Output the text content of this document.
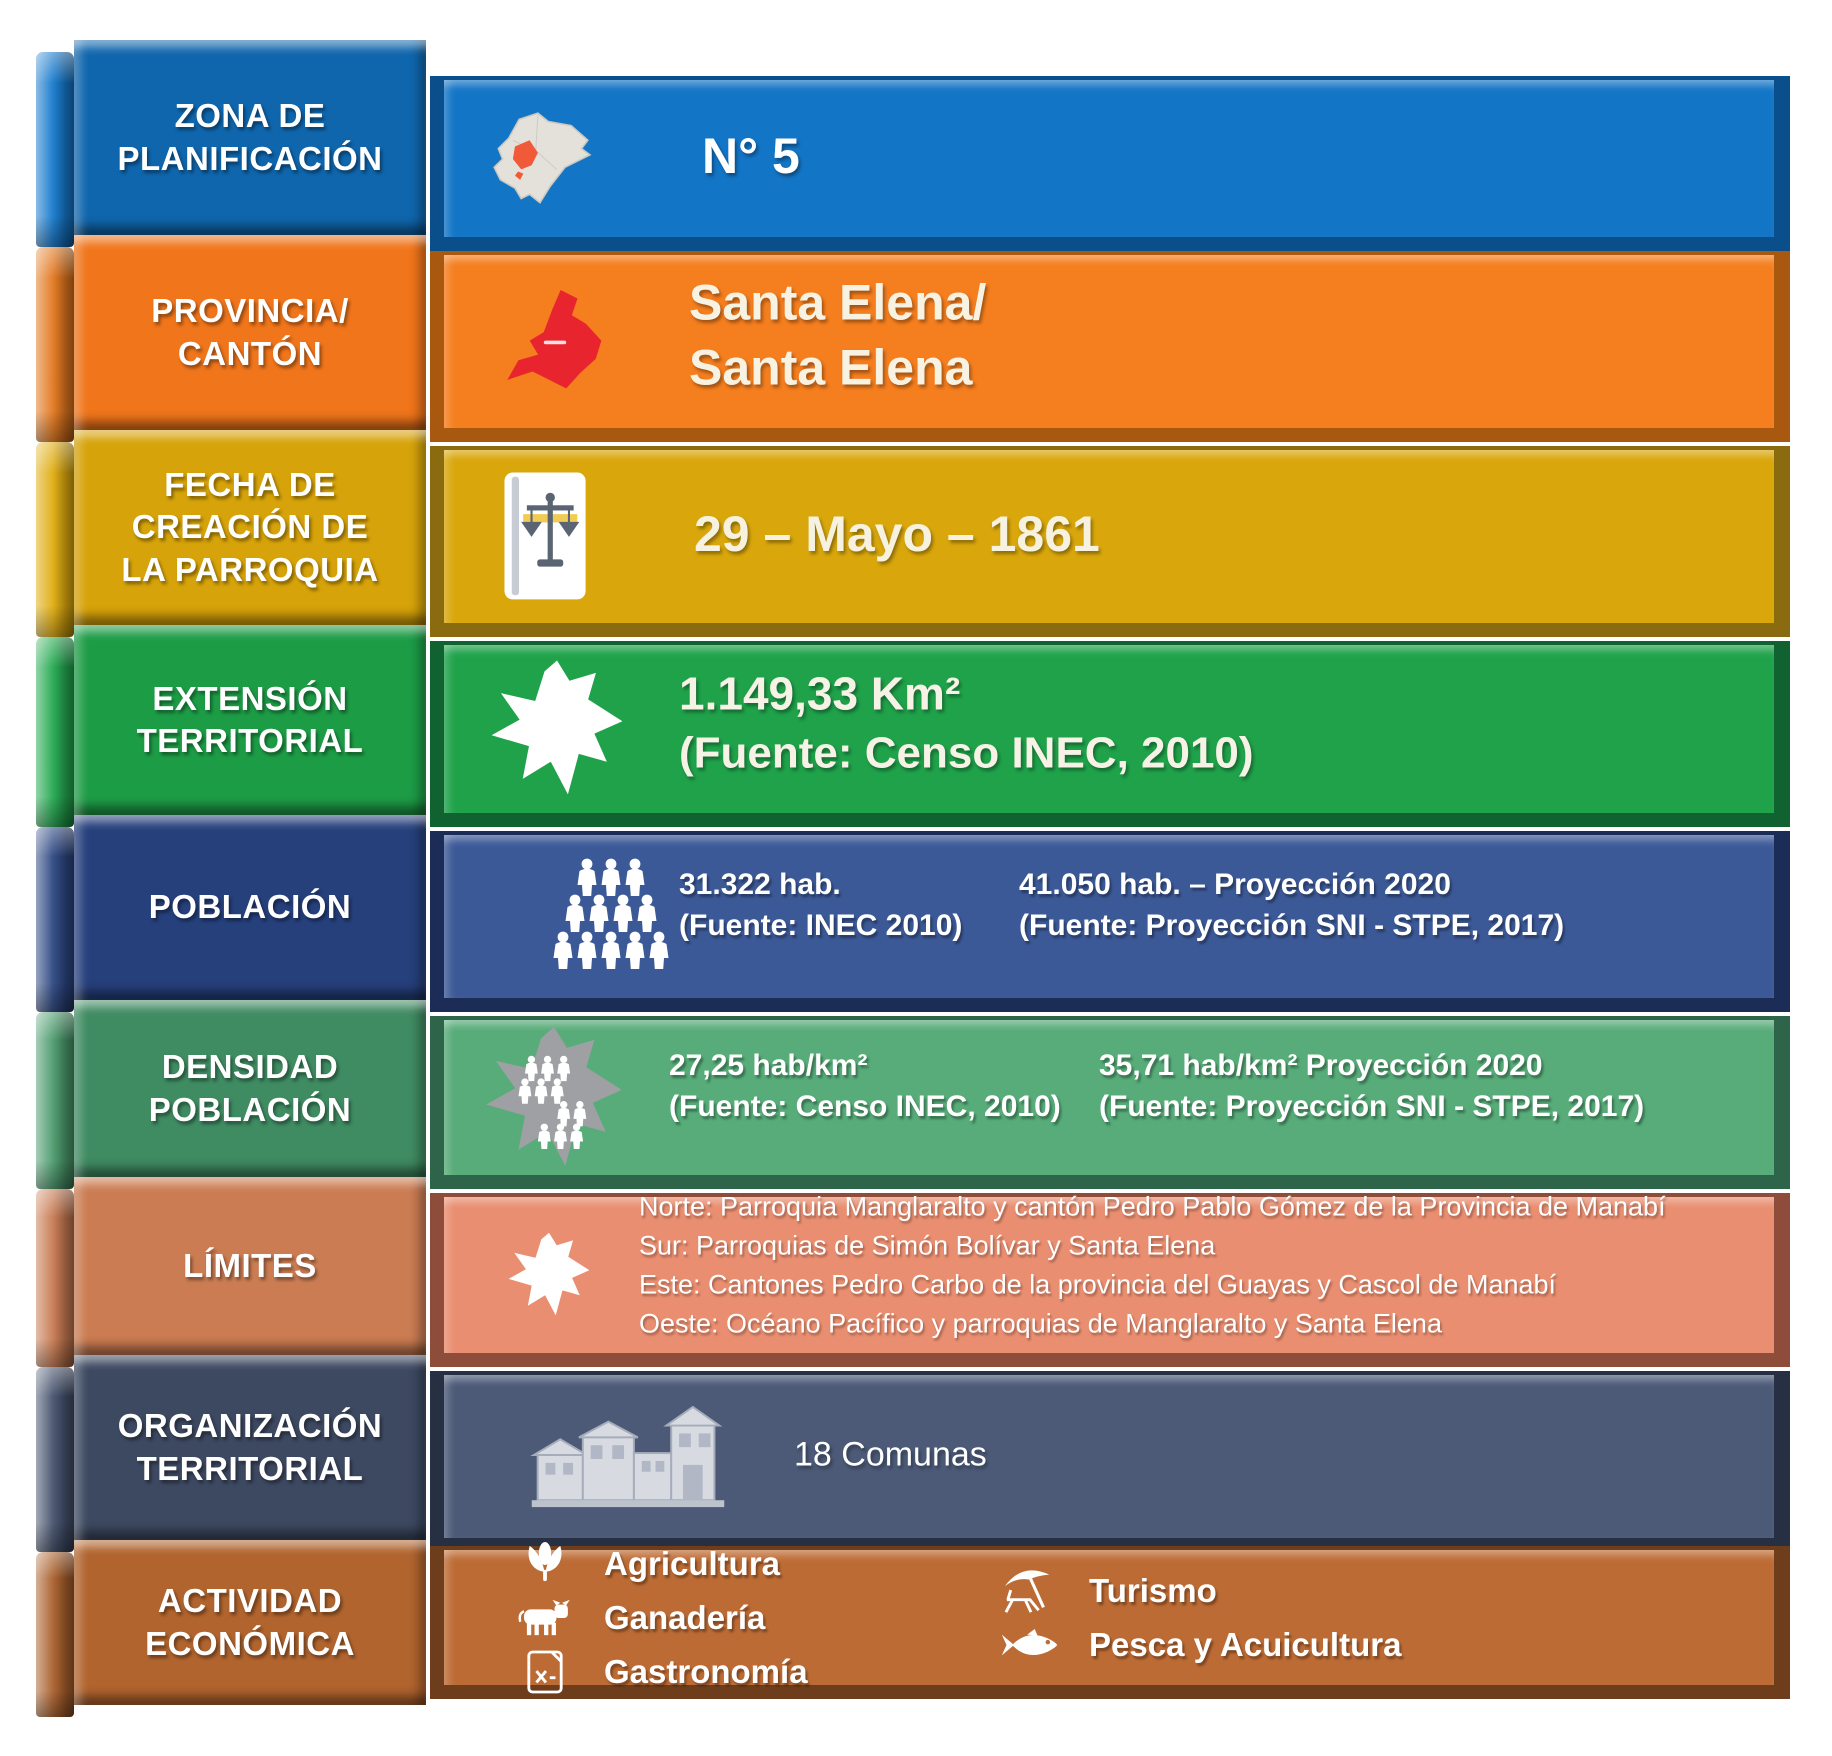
ZONA DE
PLANIFICACIÓN	N° 5
PROVINCIA/
CANTÓN
Santa Elena/
Santa Elena
FECHA DE
CREACIÓN DE
LA PARROQUIA
29 – Mayo – 1861
EXTENSIÓN
TERRITORIAL
1.149,33 Km²
(Fuente: Censo INEC, 2010)
POBLACIÓN
31.322 hab.
(Fuente: INEC 2010)
41.050 hab. – Proyección 2020
(Fuente: Proyección SNI - STPE, 2017)
DENSIDAD
POBLACIÓN
27,25 hab/km²
(Fuente: Censo INEC, 2010)
35,71 hab/km² Proyección 2020
(Fuente: Proyección SNI - STPE, 2017)
LÍMITES
Norte: Parroquia Manglaralto y cantón Pedro Pablo Gómez de la Provincia de Manabí
Sur: Parroquias de Simón Bolívar y Santa Elena
Este: Cantones Pedro Carbo de la provincia del Guayas y Cascol de Manabí
Oeste: Océano Pacífico y parroquias de Manglaralto y Santa Elena
ORGANIZACIÓN
TERRITORIAL	18 Comunas
ACTIVIDAD
ECONÓMICA
Agricultura
Ganadería
Gastronomía
Turismo
Pesca y Acuicultura
